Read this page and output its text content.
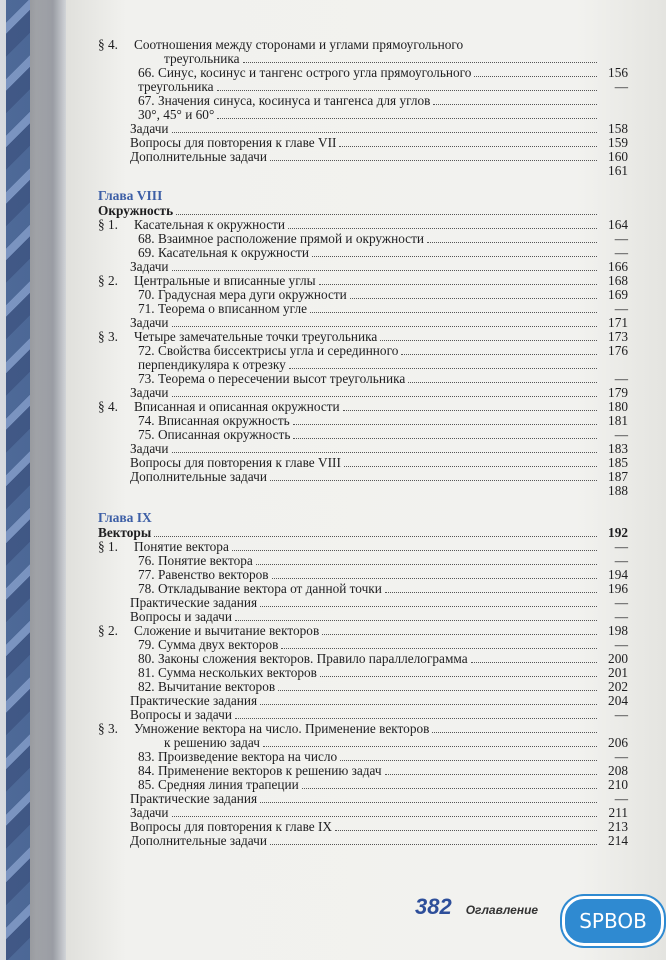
§ 4.	Соотношения между сторонами и углами прямоугольного
треугольника
66. Синус, косинус и тангенс острого угла прямоугольного	156
треугольника	—
67. Значения синуса, косинуса и тангенса для углов
30°, 45° и 60°
Задачи	158
Вопросы для повторения к главе VII	159
Дополнительные задачи	160
161
Глава VIII
Окружность
§ 1.	Касательная к окружности	164
68. Взаимное расположение прямой и окружности	—
69. Касательная к окружности	—
Задачи	166
§ 2.	Центральные и вписанные углы	168
70. Градусная мера дуги окружности	169
71. Теорема о вписанном угле	—
Задачи	171
§ 3.	Четыре замечательные точки треугольника	173
72. Свойства биссектрисы угла и серединного	176
перпендикуляра к отрезку
73. Теорема о пересечении высот треугольника	—
Задачи	179
§ 4.	Вписанная и описанная окружности	180
74. Вписанная окружность	181
75. Описанная окружность	—
Задачи	183
Вопросы для повторения к главе VIII	185
Дополнительные задачи	187
188
Глава IX
Векторы	192
§ 1.	Понятие вектора	—
76. Понятие вектора	—
77. Равенство векторов	194
78. Откладывание вектора от данной точки	196
Практические задания	—
Вопросы и задачи	—
§ 2.	Сложение и вычитание векторов	198
79. Сумма двух векторов	—
80. Законы сложения векторов. Правило параллелограмма	200
81. Сумма нескольких векторов	201
82. Вычитание векторов	202
Практические задания	204
Вопросы и задачи	—
§ 3.	Умножение вектора на число. Применение векторов
к решению задач	206
83. Произведение вектора на число	—
84. Применение векторов к решению задач	208
85. Средняя линия трапеции	210
Практические задания	—
Задачи	211
Вопросы для повторения к главе IX	213
Дополнительные задачи	214
382 Оглавление	SPBOB
